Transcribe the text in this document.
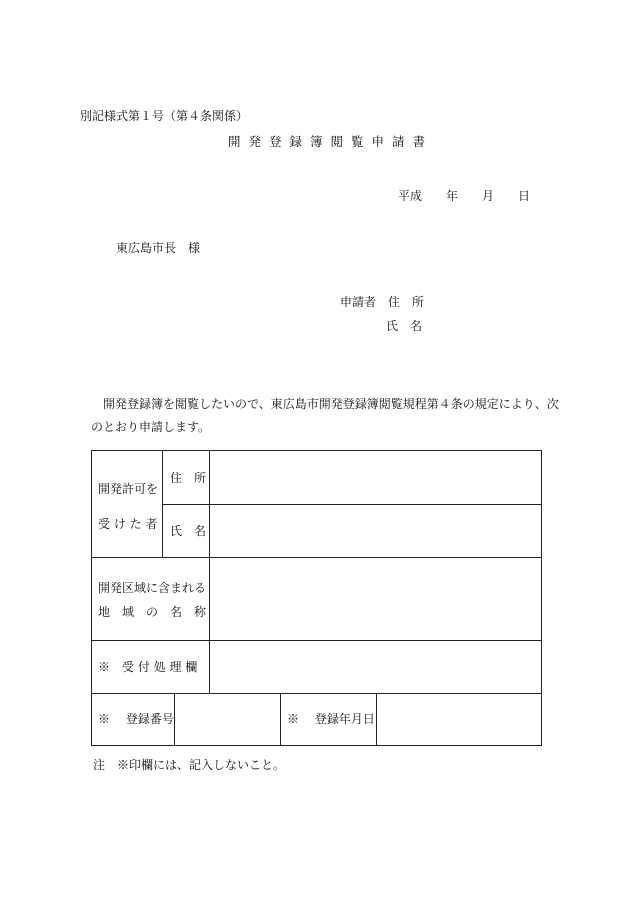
別記様式第１号（第４条関係）
開発登録簿閲覧申請書
平成 年 月 日
東広島市長　様
申請者　住　所
氏　名
開発登録簿を閲覧したいので、東広島市開発登録簿閲覧規程第４条の規定により、次
のとおり申請します。
開発許可を
受 け た 者
住　所
氏　名
開発区域に含まれる
地　域　の　名　称
※　受 付 処 理 欄
※　 登録番号	※　 登録年月日
注　※印欄には、記入しないこと。
